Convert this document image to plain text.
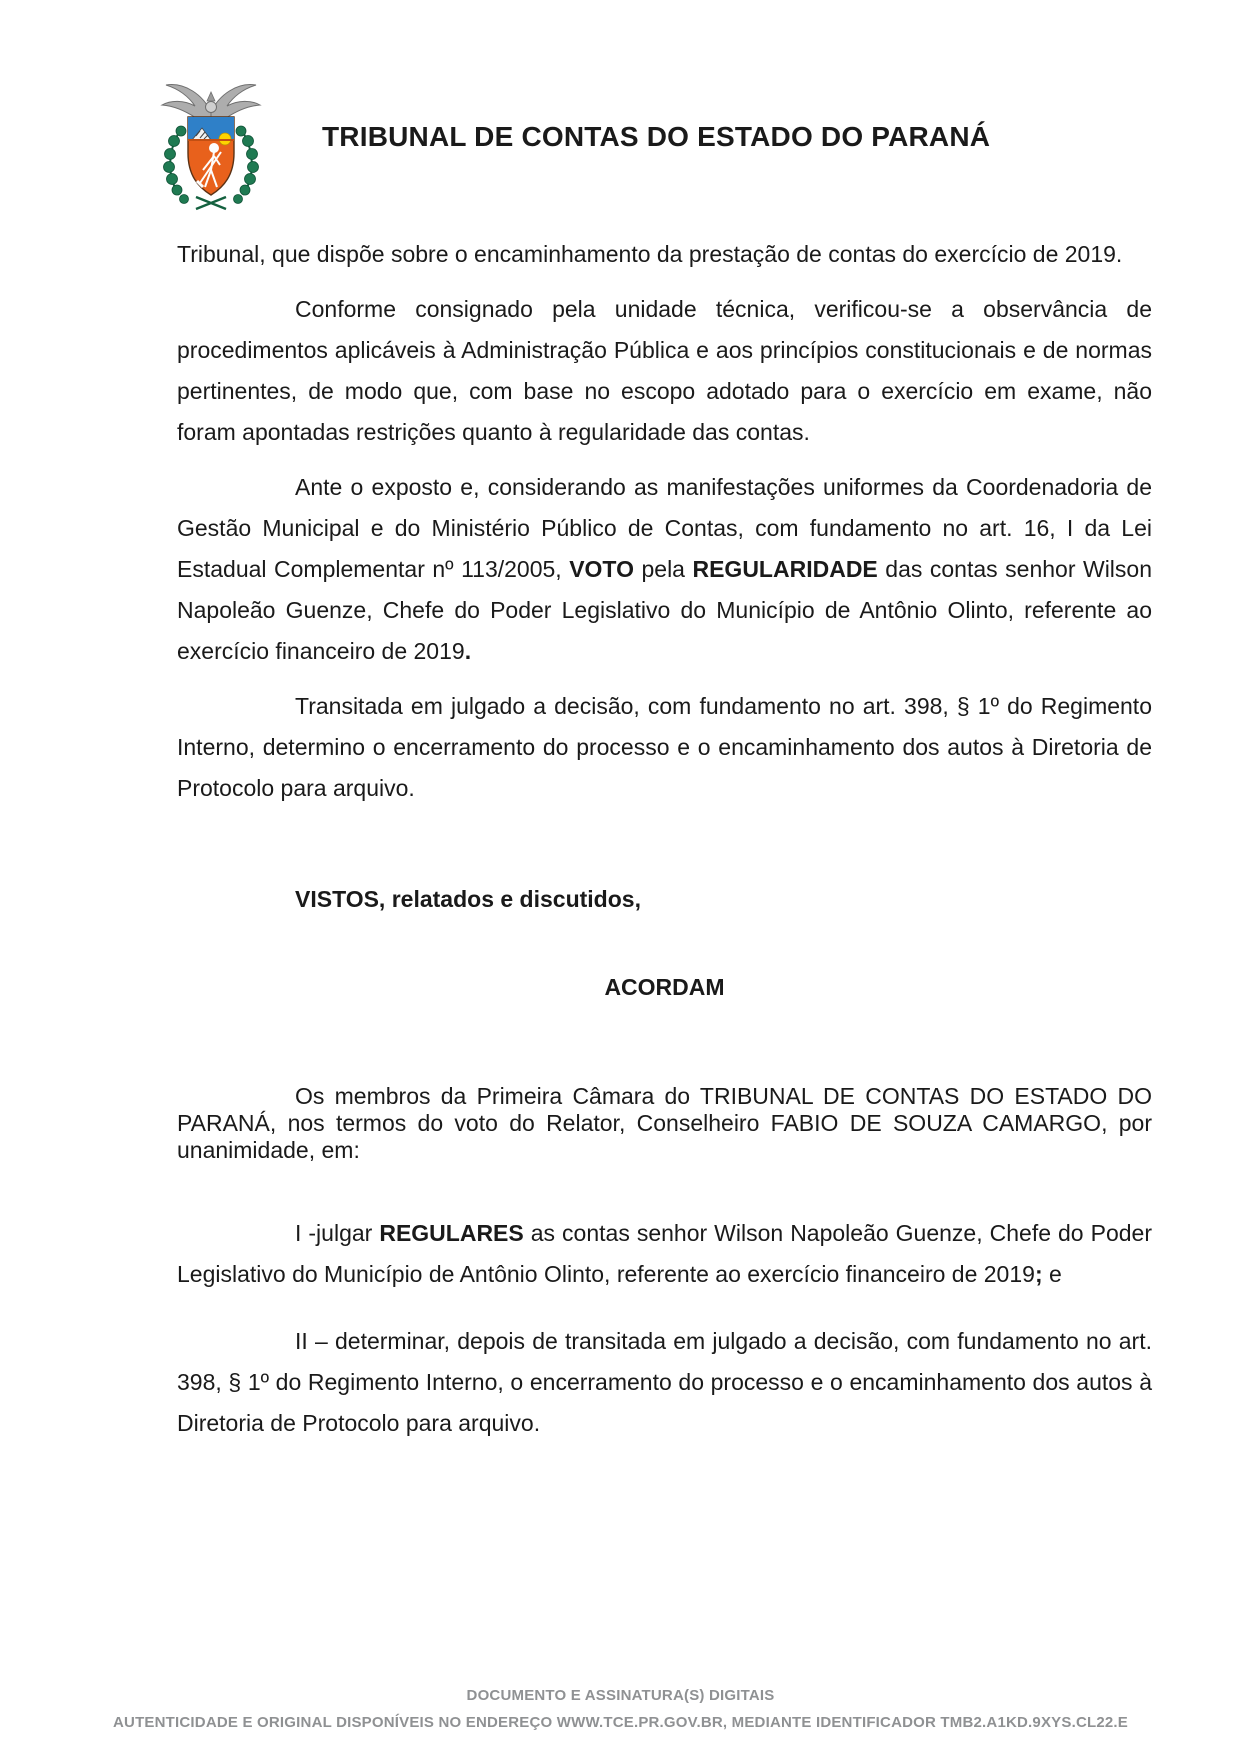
TRIBUNAL DE CONTAS DO ESTADO DO PARANÁ

Tribunal, que dispõe sobre o encaminhamento da prestação de contas do exercício de 2019.

Conforme consignado pela unidade técnica, verificou-se a observância de procedimentos aplicáveis à Administração Pública e aos princípios constitucionais e de normas pertinentes, de modo que, com base no escopo adotado para o exercício em exame, não foram apontadas restrições quanto à regularidade das contas.

Ante o exposto e, considerando as manifestações uniformes da Coordenadoria de Gestão Municipal e do Ministério Público de Contas, com fundamento no art. 16, I da Lei Estadual Complementar nº 113/2005, VOTO pela REGULARIDADE das contas senhor Wilson Napoleão Guenze, Chefe do Poder Legislativo do Município de Antônio Olinto, referente ao exercício financeiro de 2019.

Transitada em julgado a decisão, com fundamento no art. 398, § 1º do Regimento Interno, determino o encerramento do processo e o encaminhamento dos autos à Diretoria de Protocolo para arquivo.

VISTOS, relatados e discutidos,

ACORDAM

Os membros da Primeira Câmara do TRIBUNAL DE CONTAS DO ESTADO DO PARANÁ, nos termos do voto do Relator, Conselheiro FABIO DE SOUZA CAMARGO, por unanimidade, em:

I -julgar REGULARES as contas senhor Wilson Napoleão Guenze, Chefe do Poder Legislativo do Município de Antônio Olinto, referente ao exercício financeiro de 2019; e

II – determinar, depois de transitada em julgado a decisão, com fundamento no art. 398, § 1º do Regimento Interno, o encerramento do processo e o encaminhamento dos autos à Diretoria de Protocolo para arquivo.

DOCUMENTO E ASSINATURA(S) DIGITAIS
AUTENTICIDADE E ORIGINAL DISPONÍVEIS NO ENDEREÇO WWW.TCE.PR.GOV.BR, MEDIANTE IDENTIFICADOR TMB2.A1KD.9XYS.CL22.E
